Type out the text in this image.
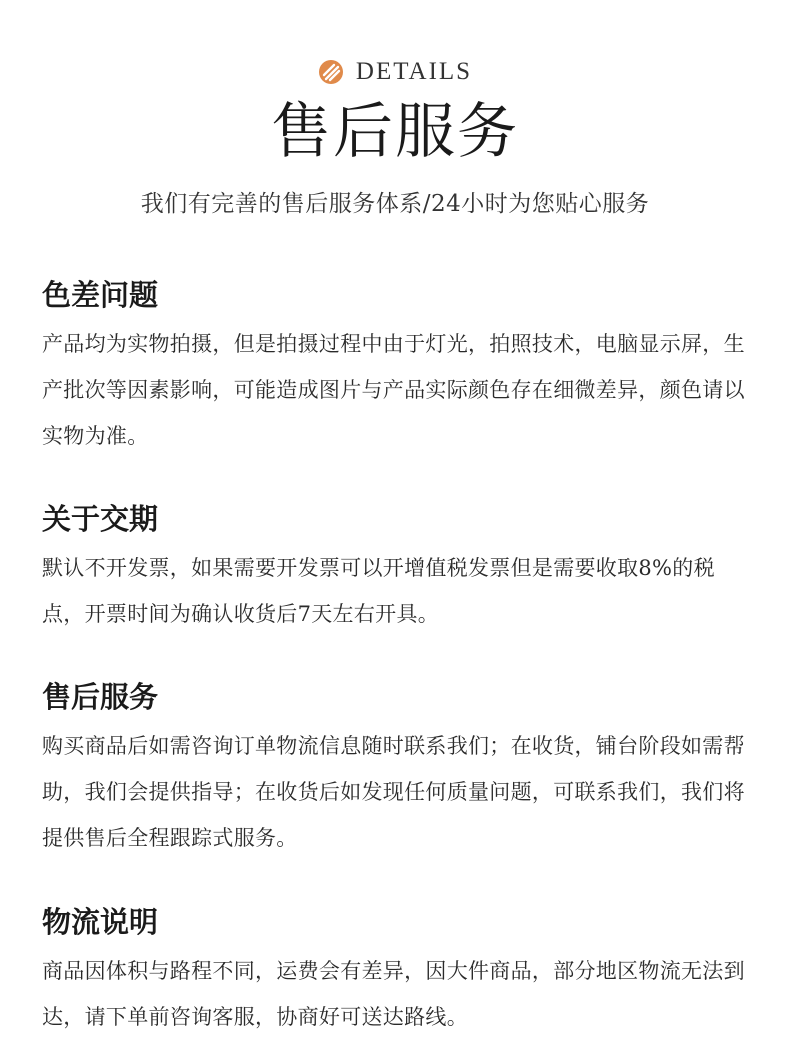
DETAILS
售后服务
我们有完善的售后服务体系/24小时为您贴心服务
色差问题

产品均为实物拍摄，但是拍摄过程中由于灯光，拍照技术，电脑显示屏，生产批次等因素影响，可能造成图片与产品实际颜色存在细微差异，颜色请以实物为准。

关于交期

默认不开发票，如果需要开发票可以开增值税发票但是需要收取8%的税点，开票时间为确认收货后7天左右开具。

售后服务

购买商品后如需咨询订单物流信息随时联系我们；在收货，铺台阶段如需帮助，我们会提供指导；在收货后如发现任何质量问题，可联系我们，我们将提供售后全程跟踪式服务。

物流说明

商品因体积与路程不同，运费会有差异，因大件商品，部分地区物流无法到达，请下单前咨询客服，协商好可送达路线。
